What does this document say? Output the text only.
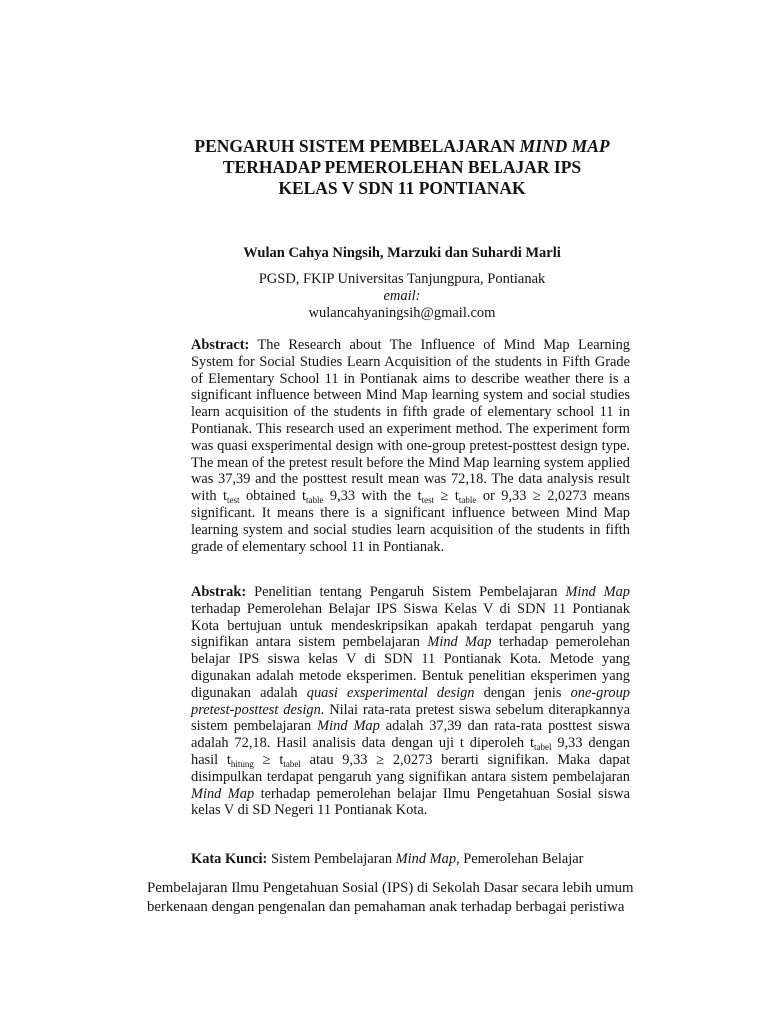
PENGARUH SISTEM PEMBELAJARAN MIND MAP
TERHADAP PEMEROLEHAN BELAJAR IPS
KELAS V SDN 11 PONTIANAK
Wulan Cahya Ningsih, Marzuki dan Suhardi Marli
PGSD, FKIP Universitas Tanjungpura, Pontianak
email:
wulancahyaningsih@gmail.com
Abstract: The Research about The Influence of Mind Map Learning System for Social Studies Learn Acquisition of the students in Fifth Grade of Elementary School 11 in Pontianak aims to describe weather there is a significant influence between Mind Map learning system and social studies learn acquisition of the students in fifth grade of elementary school 11 in Pontianak. This research used an experiment method. The experiment form was quasi exsperimental design with one-group pretest-posttest design type. The mean of the pretest result before the Mind Map learning system applied was 37,39 and the posttest result mean was 72,18. The data analysis result with $t_{test}$ obtained $t_{table}$ 9,33 with the $t_{test} \ge t_{table}$ or 9,33 ≥ 2,0273 means significant. It means there is a significant influence between Mind Map learning system and social studies learn acquisition of the students in fifth grade of elementary school 11 in Pontianak.
Abstrak: Penelitian tentang Pengaruh Sistem Pembelajaran Mind Map terhadap Pemerolehan Belajar IPS Siswa Kelas V di SDN 11 Pontianak Kota bertujuan untuk mendeskripsikan apakah terdapat pengaruh yang signifikan antara sistem pembelajaran Mind Map terhadap pemerolehan belajar IPS siswa kelas V di SDN 11 Pontianak Kota. Metode yang digunakan adalah metode eksperimen. Bentuk penelitian eksperimen yang digunakan adalah quasi exsperimental design dengan jenis one-group pretest-posttest design. Nilai rata-rata pretest siswa sebelum diterapkannya sistem pembelajaran Mind Map adalah 37,39 dan rata-rata posttest siswa adalah 72,18. Hasil analisis data dengan uji t diperoleh $t_{tabel}$ 9,33 dengan hasil $t_{hitung} \ge t_{tabel}$ atau 9,33 ≥ 2,0273 berarti signifikan. Maka dapat disimpulkan terdapat pengaruh yang signifikan antara sistem pembelajaran Mind Map terhadap pemerolehan belajar Ilmu Pengetahuan Sosial siswa kelas V di SD Negeri 11 Pontianak Kota.
Kata Kunci: Sistem Pembelajaran Mind Map, Pemerolehan Belajar
Pembelajaran Ilmu Pengetahuan Sosial (IPS) di Sekolah Dasar secara lebih umum
berkenaan dengan pengenalan dan pemahaman anak terhadap berbagai peristiwa
